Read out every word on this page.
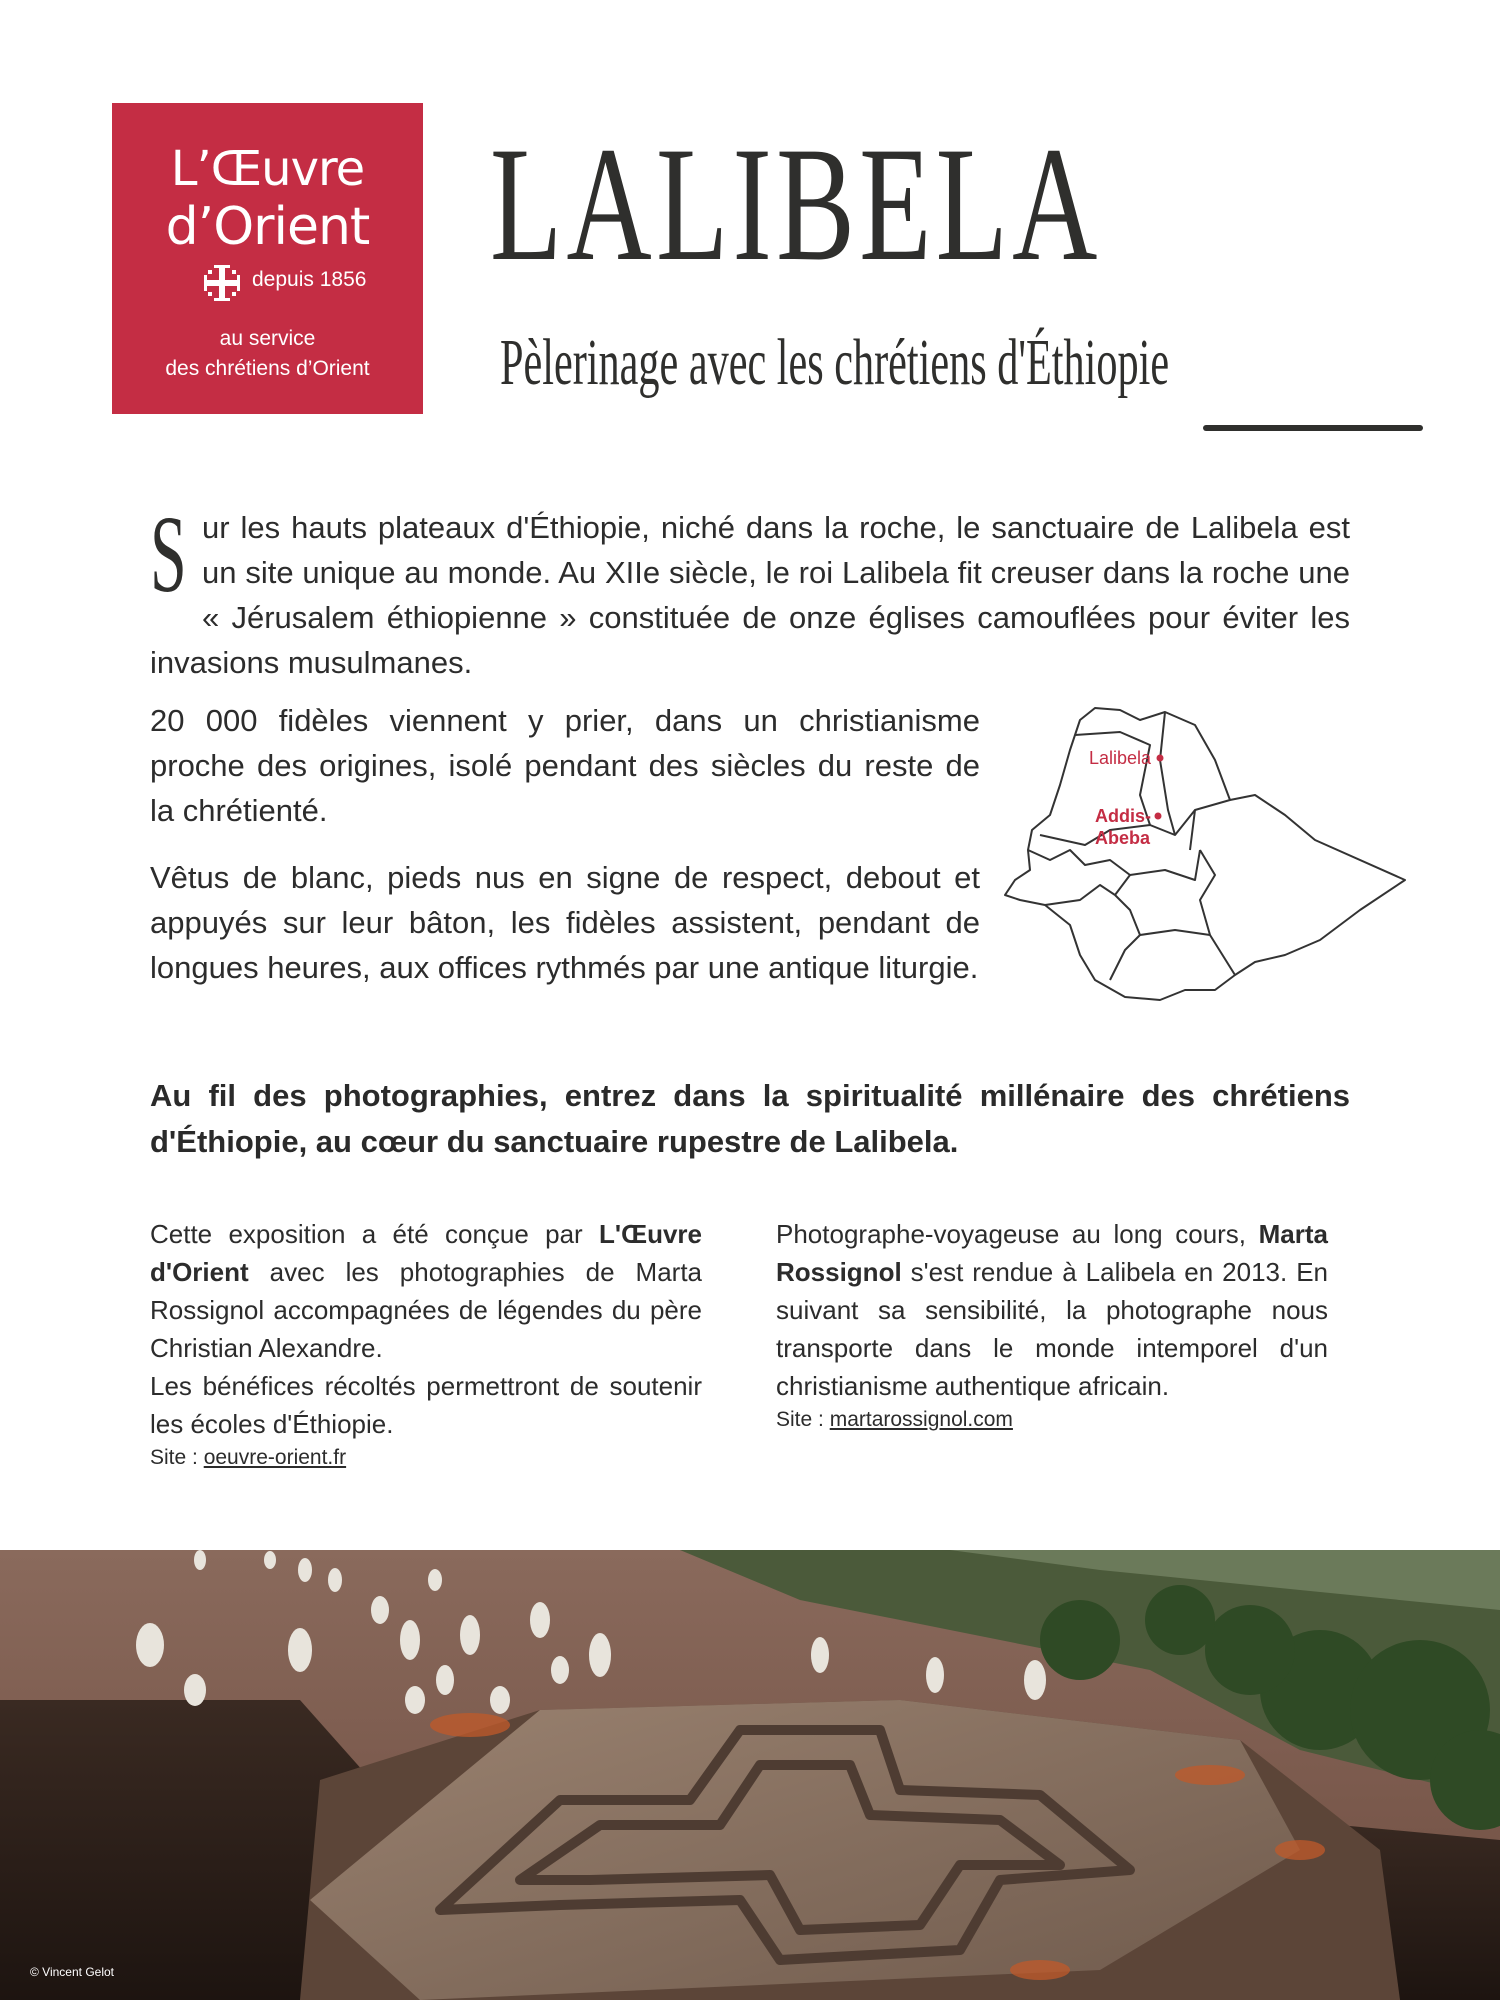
L’Œuvre
d’Orient
depuis 1856
au service
des chrétiens d’Orient
LALIBELA
Pèlerinage avec les chrétiens d'Éthiopie
S ur les hauts plateaux d'Éthiopie, niché dans la roche, le sanctuaire de Lalibela est un site unique au monde. Au XIIe siècle, le roi Lalibela fit creuser dans la roche une « Jérusalem éthiopienne » constituée de onze églises camouflées pour éviter les invasions musulmanes.
20 000 fidèles viennent y prier, dans un christianisme proche des origines, isolé pendant des siècles du reste de la chrétienté.
Vêtus de blanc, pieds nus en signe de respect, debout et appuyés sur leur bâton, les fidèles assistent, pendant de longues heures, aux offices rythmés par une antique liturgie.
Lalibela
Addis-
Abeba
Au fil des photographies, entrez dans la spiritualité millénaire des chrétiens d'Éthiopie, au cœur du sanctuaire rupestre de Lalibela.
Cette exposition a été conçue par L'Œuvre d'Orient avec les photographies de Marta Rossignol accompagnées de légendes du père Christian Alexandre.
Les bénéfices récoltés permettront de soutenir les écoles d'Éthiopie.
Site : oeuvre-orient.fr
Photographe-voyageuse au long cours, Marta Rossignol s'est rendue à Lalibela en 2013. En suivant sa sensibilité, la photographe nous transporte dans le monde intemporel d'un christianisme authentique africain.
Site : martarossignol.com
© Vincent Gelot
